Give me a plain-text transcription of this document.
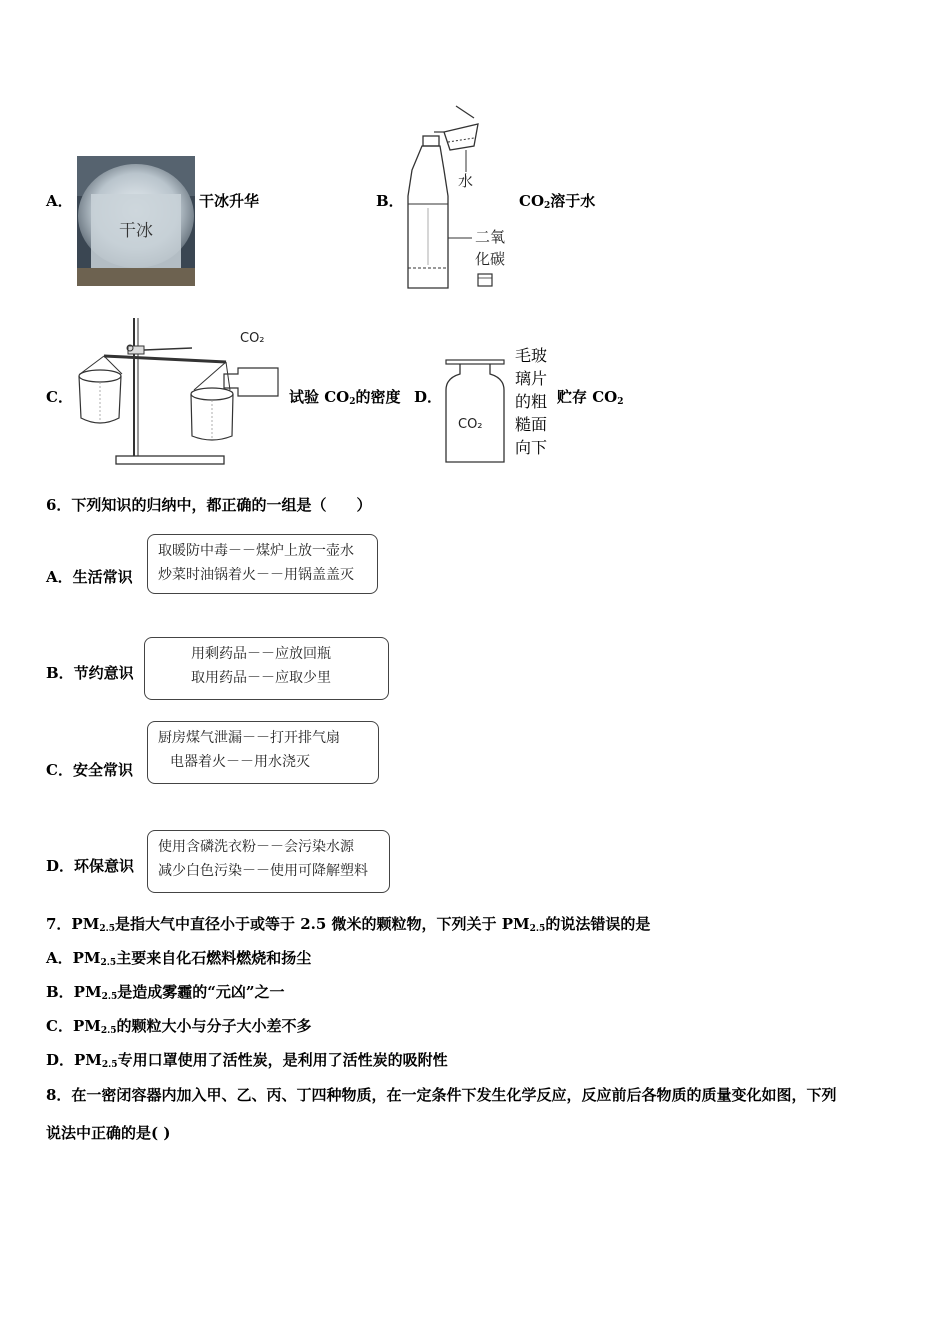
A．
干冰
干冰升华	B．
水
二氧
化碳
$CO_2$溶于水
C．
CO₂
试验 $CO_2$的密度 D．
CO₂
毛玻
璃片
的粗
糙面
向下
贮存 $CO_2$
6．下列知识的归纳中，都正确的一组是（　　）
A．生活常识
取暖防中毒－－煤炉上放一壶水
炒菜时油锅着火－－用锅盖盖灭
B．节约意识
用剩药品－－应放回瓶
取用药品－－应取少里
C．安全常识
厨房煤气泄漏－－打开排气扇
电器着火－－用水浇灭
D．环保意识
使用含磷洗衣粉－－会污染水源
减少白色污染－－使用可降解塑料
7．$PM_{2.5}$是指大气中直径小于或等于 2.5 微米的颗粒物，下列关于 $PM_{2.5}$的说法错误的是
A．$PM_{2.5}$主要来自化石燃料燃烧和扬尘
B．$PM_{2.5}$是造成雾霾的“元凶”之一
C．$PM_{2.5}$的颗粒大小与分子大小差不多
D．$PM_{2.5}$专用口罩使用了活性炭，是利用了活性炭的吸附性
8．在一密闭容器内加入甲、乙、丙、丁四种物质，在一定条件下发生化学反应，反应前后各物质的质量变化如图，下列
说法中正确的是( )
